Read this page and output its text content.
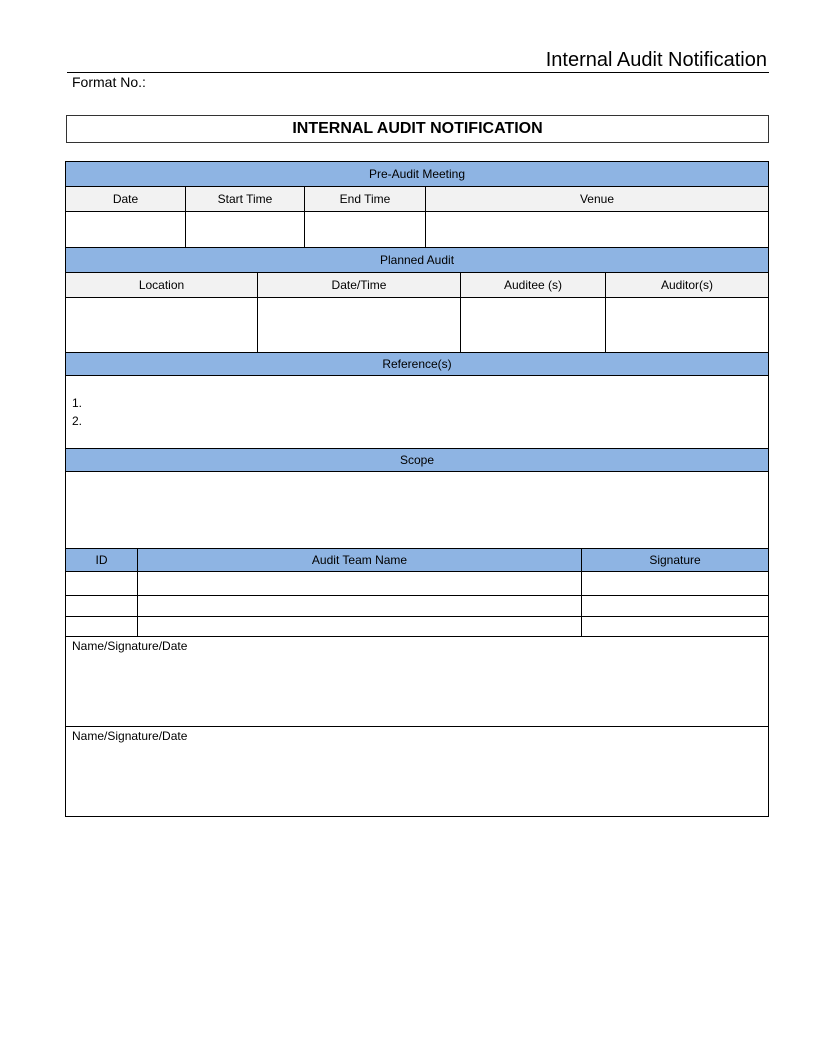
Internal Audit Notification
Format No.:
INTERNAL AUDIT NOTIFICATION
Pre-Audit Meeting
Date	Start Time	End Time	Venue
Planned Audit
Location	Date/Time	Auditee (s)	Auditor(s)
Reference(s)
1.
2.
Scope
ID	Audit Team Name	Signature
Name/Signature/Date
Name/Signature/Date
